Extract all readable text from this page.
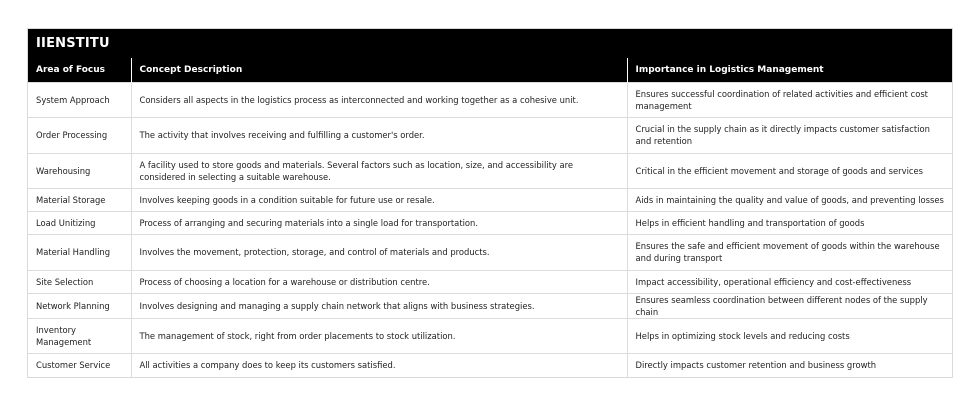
IIENSTITU
Area of Focus	Concept Description	Importance in Logistics Management
System Approach	Considers all aspects in the logistics process as interconnected and working together as a cohesive unit.	Ensures successful coordination of related activities and efficient cost management
Order Processing	The activity that involves receiving and fulfilling a customer's order.	Crucial in the supply chain as it directly impacts customer satisfaction and retention
Warehousing	A facility used to store goods and materials. Several factors such as location, size, and accessibility are considered in selecting a suitable warehouse.	Critical in the efficient movement and storage of goods and services
Material Storage	Involves keeping goods in a condition suitable for future use or resale.	Aids in maintaining the quality and value of goods, and preventing losses
Load Unitizing	Process of arranging and securing materials into a single load for transportation.	Helps in efficient handling and transportation of goods
Material Handling	Involves the movement, protection, storage, and control of materials and products.	Ensures the safe and efficient movement of goods within the warehouse and during transport
Site Selection	Process of choosing a location for a warehouse or distribution centre.	Impact accessibility, operational efficiency and cost-effectiveness
Network Planning	Involves designing and managing a supply chain network that aligns with business strategies.	Ensures seamless coordination between different nodes of the supply chain
Inventory Management	The management of stock, right from order placements to stock utilization.	Helps in optimizing stock levels and reducing costs
Customer Service	All activities a company does to keep its customers satisfied.	Directly impacts customer retention and business growth
